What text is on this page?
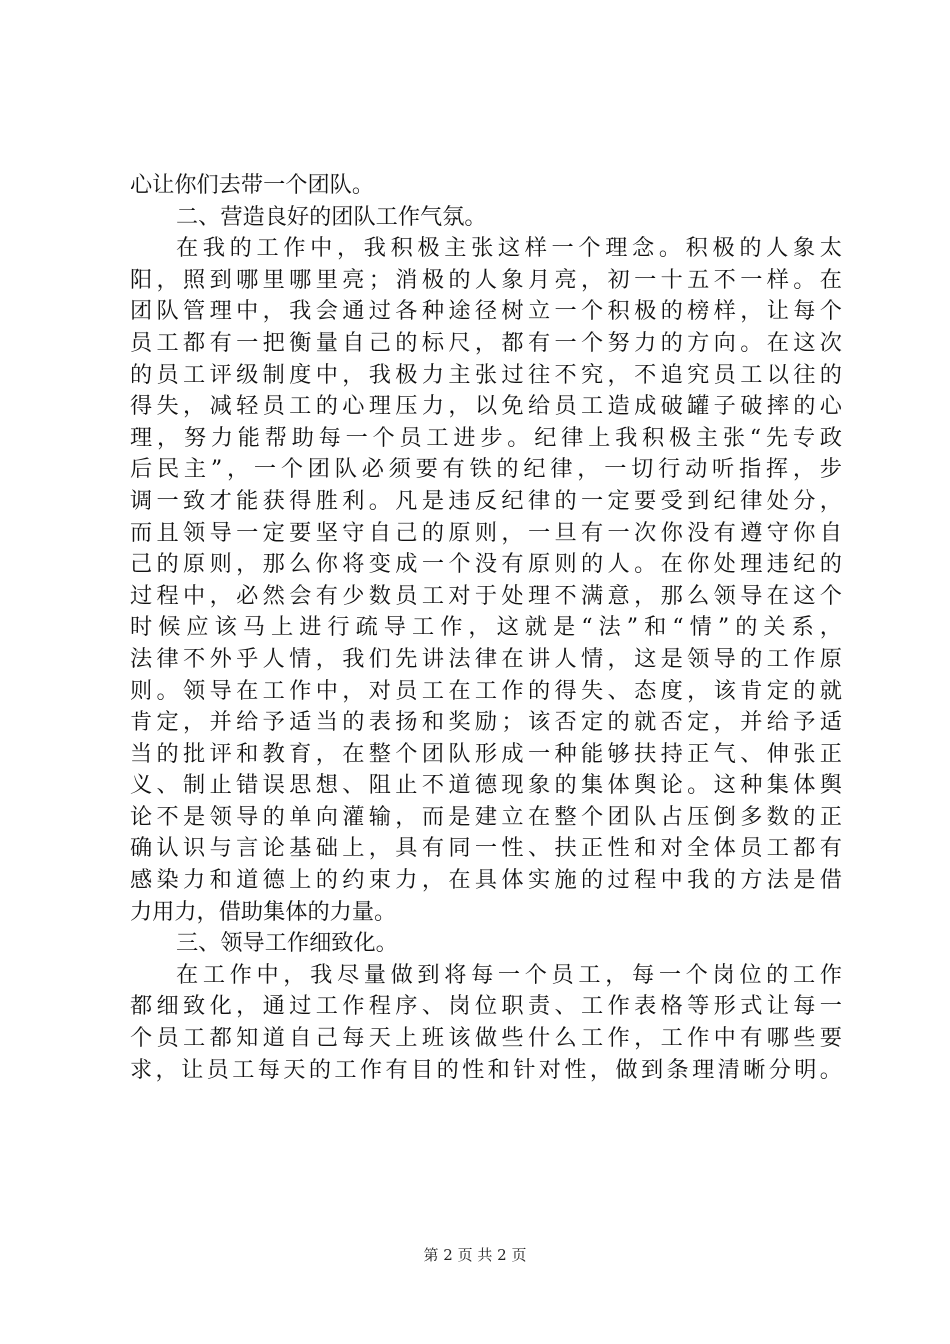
心让你们去带一个团队。
二、营造良好的团队工作气氛。
在我的工作中，我积极主张这样一个理念。积极的人象太
阳，照到哪里哪里亮；消极的人象月亮，初一十五不一样。在
团队管理中，我会通过各种途径树立一个积极的榜样，让每个
员工都有一把衡量自己的标尺，都有一个努力的方向。在这次
的员工评级制度中，我极力主张过往不究，不追究员工以往的
得失，减轻员工的心理压力，以免给员工造成破罐子破摔的心
理，努力能帮助每一个员工进步。纪律上我积极主张“先专政
后民主”，一个团队必须要有铁的纪律，一切行动听指挥，步
调一致才能获得胜利。凡是违反纪律的一定要受到纪律处分，
而且领导一定要坚守自己的原则，一旦有一次你没有遵守你自
己的原则，那么你将变成一个没有原则的人。在你处理违纪的
过程中，必然会有少数员工对于处理不满意，那么领导在这个
时候应该马上进行疏导工作，这就是“法”和“情”的关系，
法律不外乎人情，我们先讲法律在讲人情，这是领导的工作原
则。领导在工作中，对员工在工作的得失、态度，该肯定的就
肯定，并给予适当的表扬和奖励；该否定的就否定，并给予适
当的批评和教育，在整个团队形成一种能够扶持正气、伸张正
义、制止错误思想、阻止不道德现象的集体舆论。这种集体舆
论不是领导的单向灌输，而是建立在整个团队占压倒多数的正
确认识与言论基础上，具有同一性、扶正性和对全体员工都有
感染力和道德上的约束力，在具体实施的过程中我的方法是借
力用力，借助集体的力量。
三、领导工作细致化。
在工作中，我尽量做到将每一个员工，每一个岗位的工作
都细致化，通过工作程序、岗位职责、工作表格等形式让每一
个员工都知道自己每天上班该做些什么工作，工作中有哪些要
求，让员工每天的工作有目的性和针对性，做到条理清晰分明。
第 2 页 共 2 页
